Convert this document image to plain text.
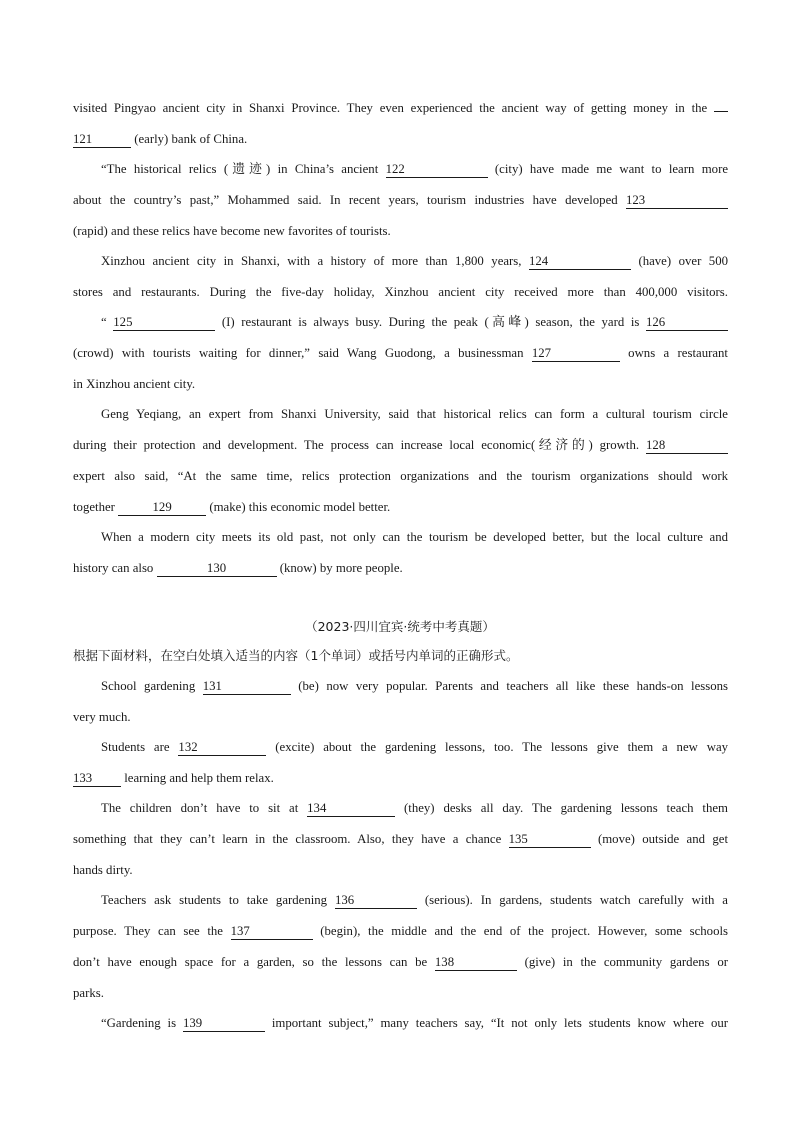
visited Pingyao ancient city in Shanxi Province. They even experienced the ancient way of getting money in the

121	(early) bank of China.

“The historical relics (遗迹) in China’s ancient 122	(city) have made me want to learn more

about the country’s past,” Mohammed said. In recent years, tourism industries have developed 123

(rapid) and these relics have become new favorites of tourists.

Xinzhou ancient city in Shanxi, with a history of more than 1,800 years, 124	(have) over 500

stores and restaurants. During the five-day holiday, Xinzhou ancient city received more than 400,000 visitors.

“ 125	(I) restaurant is always busy. During the peak (高峰) season, the yard is 126

(crowd) with tourists waiting for dinner,” said Wang Guodong, a businessman 127	owns a restaurant

in Xinzhou ancient city.

Geng Yeqiang, an expert from Shanxi University, said that historical relics can form a cultural tourism circle

during their protection and development. The process can increase local economic(经济的) growth. 128

expert also said, “At the same time, relics protection organizations and the tourism organizations should work

together	129	(make) this economic model better.

When a modern city meets its old past, not only can the tourism be developed better, but the local culture and

history can also	130	(know) by more people.

（2023·四川宜宾·统考中考真题）

根据下面材料，在空白处填入适当的内容（1个单词）或括号内单词的正确形式。

School gardening 131	(be) now very popular. Parents and teachers all like these hands-on lessons

very much.

Students are 132	(excite) about the gardening lessons, too. The lessons give them a new way

133	learning and help them relax.

The children don’t have to sit at 134	(they) desks all day. The gardening lessons teach them

something that they can’t learn in the classroom. Also, they have a chance 135	(move) outside and get

hands dirty.

Teachers ask students to take gardening 136	(serious). In gardens, students watch carefully with a

purpose. They can see the 137	(begin), the middle and the end of the project. However, some schools

don’t have enough space for a garden, so the lessons can be 138	(give) in the community gardens or

parks.

“Gardening is 139	important subject,” many teachers say, “It not only lets students know where our
